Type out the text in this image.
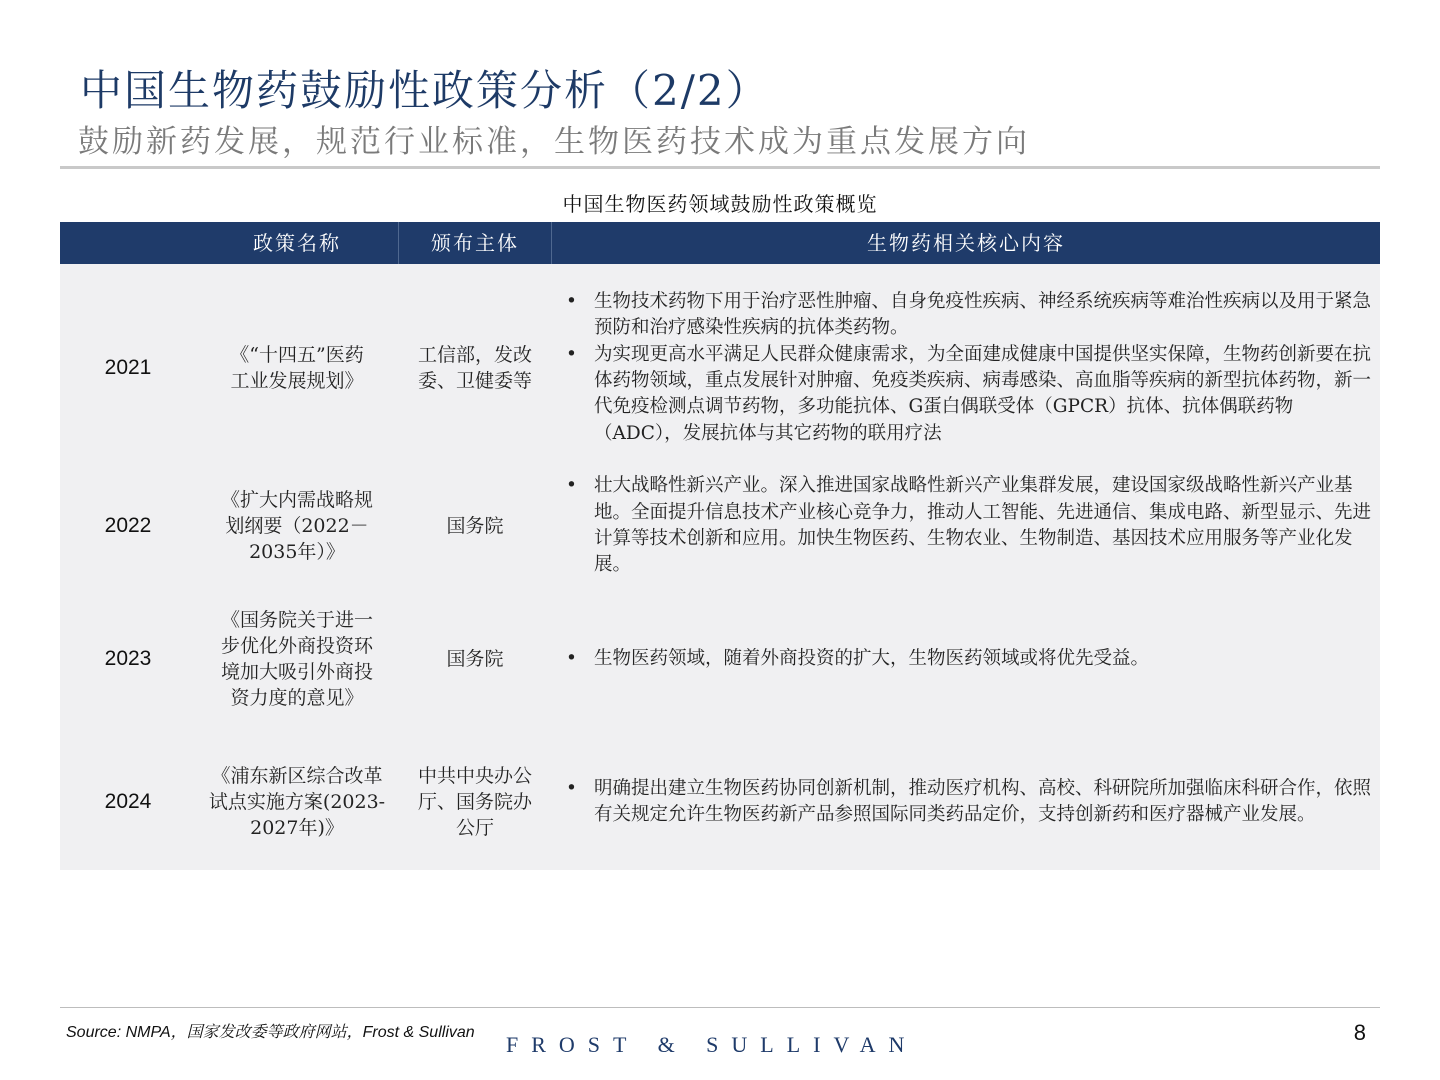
中国生物药鼓励性政策分析（2/2）
鼓励新药发展，规范行业标准，生物医药技术成为重点发展方向
中国生物医药领域鼓励性政策概览
政策名称	颁布主体	生物药相关核心内容
2021
《“十四五”医药工业发展规划》
工信部，发改委、卫健委等
• 生物技术药物下用于治疗恶性肿瘤、自身免疫性疾病、神经系统疾病等难治性疾病以及用于紧急预防和治疗感染性疾病的抗体类药物。
• 为实现更高水平满足人民群众健康需求，为全面建成健康中国提供坚实保障，生物药创新要在抗体药物领域，重点发展针对肿瘤、免疫类疾病、病毒感染、高血脂等疾病的新型抗体药物，新一代免疫检测点调节药物，多功能抗体、G蛋白偶联受体（GPCR）抗体、抗体偶联药物（ADC），发展抗体与其它药物的联用疗法
2022
《扩大内需战略规划纲要（2022－2035年）》
国务院
• 壮大战略性新兴产业。深入推进国家战略性新兴产业集群发展，建设国家级战略性新兴产业基地。全面提升信息技术产业核心竞争力，推动人工智能、先进通信、集成电路、新型显示、先进计算等技术创新和应用。加快生物医药、生物农业、生物制造、基因技术应用服务等产业化发展。
2023
《国务院关于进一步优化外商投资环境加大吸引外商投资力度的意见》
国务院
•	生物医药领域，随着外商投资的扩大，生物医药领域或将优先受益。
2024
《浦东新区综合改革试点实施方案(2023-2027年)》
中共中央办公厅、国务院办公厅
• 明确提出建立生物医药协同创新机制，推动医疗机构、高校、科研院所加强临床科研合作，依照有关规定允许生物医药新产品参照国际同类药品定价，支持创新药和医疗器械产业发展。
Source: NMPA，国家发改委等政府网站，Frost & Sullivan FROST & SULLIVAN	8
